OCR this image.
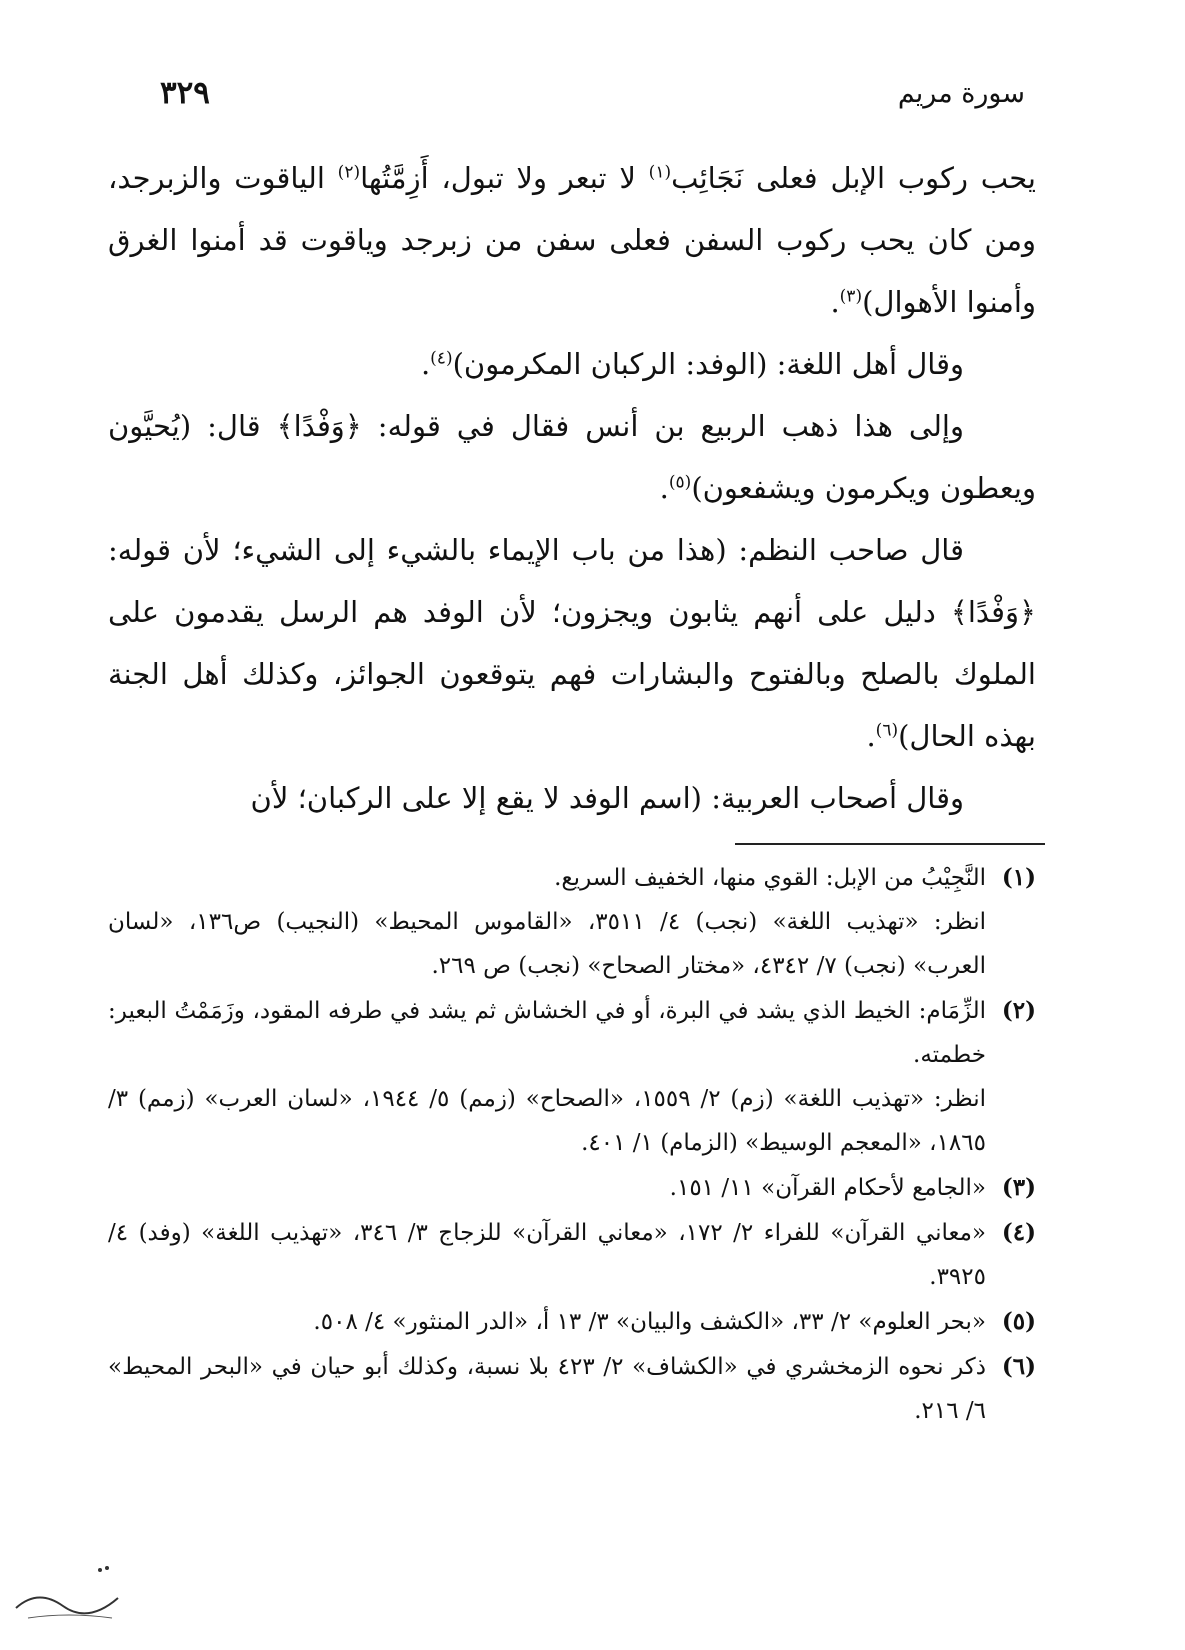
سورة مريم
٣٢٩

يحب ركوب الإبل فعلى نَجَائِب$^{(١)}$ لا تبعر ولا تبول، أَزِمَّتُها$^{(٢)}$ الياقوت والزبرجد، ومن كان يحب ركوب السفن فعلى سفن من زبرجد وياقوت قد أمنوا الغرق وأمنوا الأهوال)$^{(٣)}$.

وقال أهل اللغة: (الوفد: الركبان المكرمون)$^{(٤)}$.

وإلى هذا ذهب الربيع بن أنس فقال في قوله: ﴿وَفْدًا﴾ قال: (يُحيَّون ويعطون ويكرمون ويشفعون)$^{(٥)}$.

قال صاحب النظم: (هذا من باب الإيماء بالشيء إلى الشيء؛ لأن قوله: ﴿وَفْدًا﴾ دليل على أنهم يثابون ويجزون؛ لأن الوفد هم الرسل يقدمون على الملوك بالصلح وبالفتوح والبشارات فهم يتوقعون الجوائز، وكذلك أهل الجنة بهذه الحال)$^{(٦)}$.

وقال أصحاب العربية: (اسم الوفد لا يقع إلا على الركبان؛ لأن

(١)

النَّجِيْبُ من الإبل: القوي منها، الخفيف السريع.

انظر: «تهذيب اللغة» (نجب) ٤/ ٣٥١١، «القاموس المحيط» (النجيب) ص١٣٦، «لسان العرب» (نجب) ٧/ ٤٣٤٢، «مختار الصحاح» (نجب) ص ٢٦٩.

(٢)

الزِّمَام: الخيط الذي يشد في البرة، أو في الخشاش ثم يشد في طرفه المقود، وزَمَمْتُ البعير: خطمته.

انظر: «تهذيب اللغة» (زم) ٢/ ١٥٥٩، «الصحاح» (زمم) ٥/ ١٩٤٤، «لسان العرب» (زمم) ٣/ ١٨٦٥، «المعجم الوسيط» (الزمام) ١/ ٤٠١.

(٣)

«الجامع لأحكام القرآن» ١١/ ١٥١.

(٤)

«معاني القرآن» للفراء ٢/ ١٧٢، «معاني القرآن» للزجاج ٣/ ٣٤٦، «تهذيب اللغة» (وفد) ٤/ ٣٩٢٥.

(٥)

«بحر العلوم» ٢/ ٣٣، «الكشف والبيان» ٣/ ١٣ أ، «الدر المنثور» ٤/ ٥٠٨.

(٦)

ذكر نحوه الزمخشري في «الكشاف» ٢/ ٤٢٣ بلا نسبة، وكذلك أبو حيان في «البحر المحيط» ٦/ ٢١٦.
